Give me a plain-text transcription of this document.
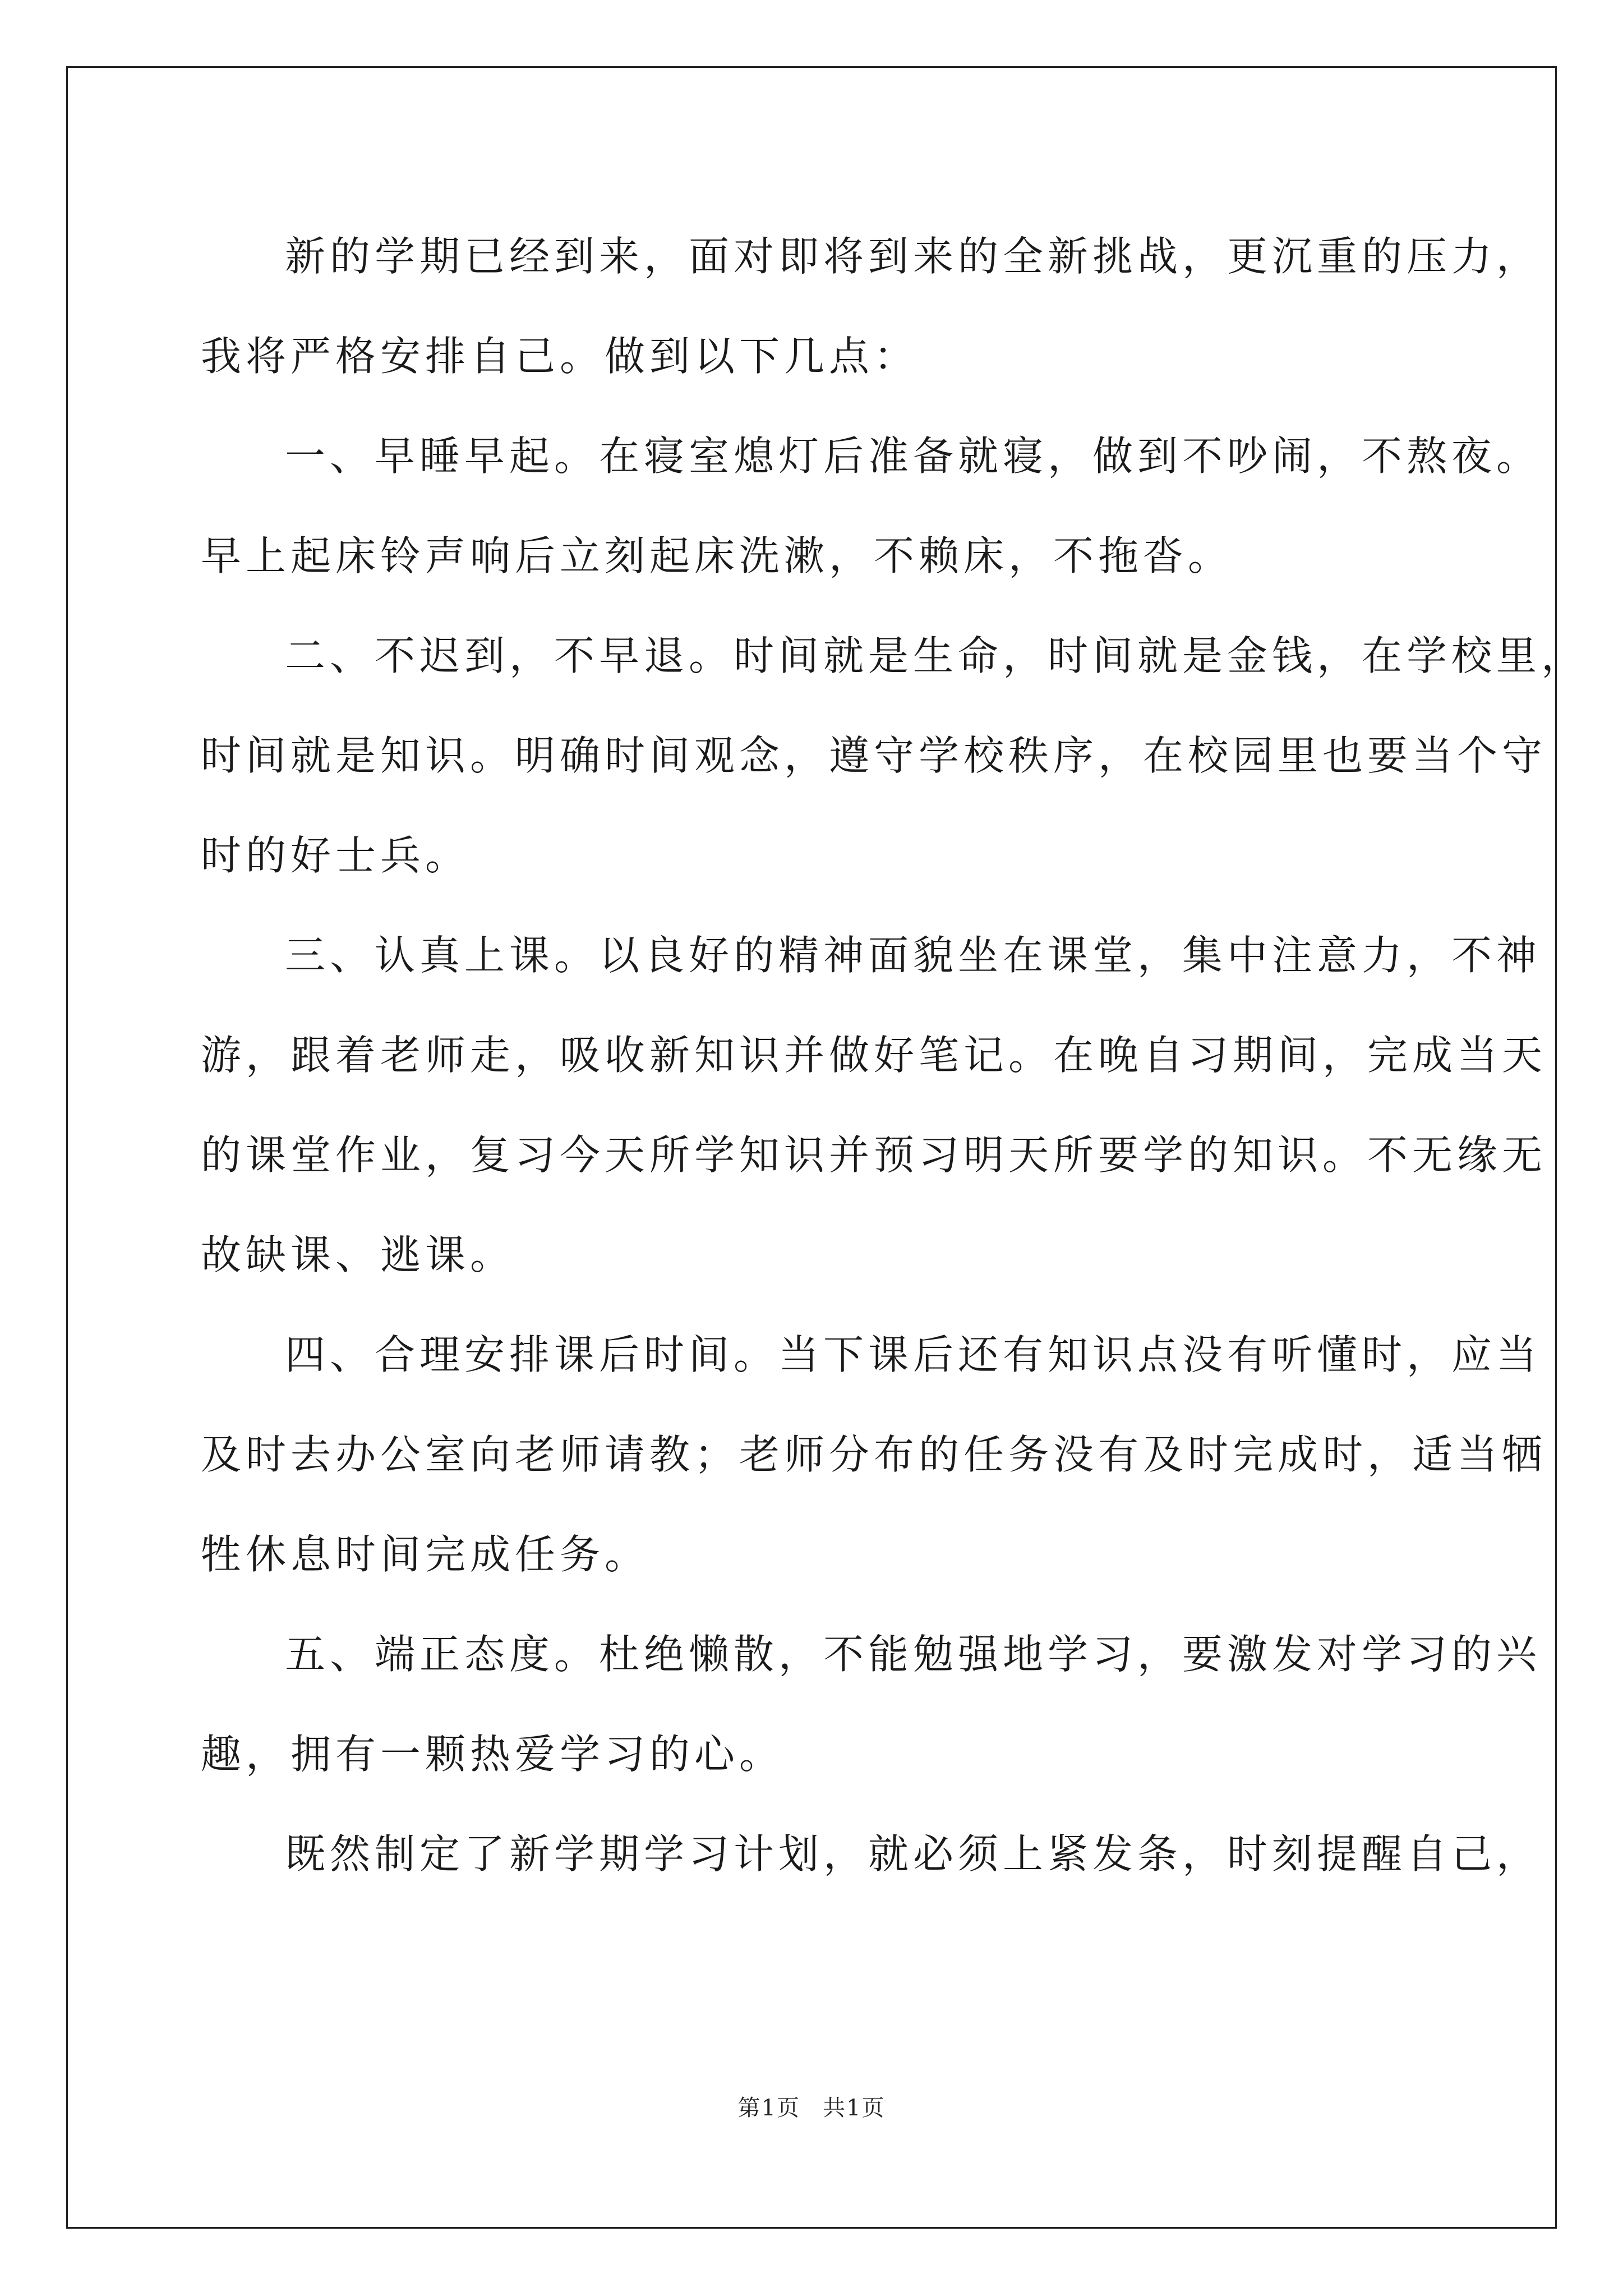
新的学期已经到来，面对即将到来的全新挑战，更沉重的压力，
我将严格安排自己。做到以下几点：

一、早睡早起。在寝室熄灯后准备就寝，做到不吵闹，不熬夜。
早上起床铃声响后立刻起床洗漱，不赖床，不拖沓。

二、不迟到，不早退。时间就是生命，时间就是金钱，在学校里，
时间就是知识。明确时间观念，遵守学校秩序，在校园里也要当个守
时的好士兵。

三、认真上课。以良好的精神面貌坐在课堂，集中注意力，不神
游，跟着老师走，吸收新知识并做好笔记。在晚自习期间，完成当天
的课堂作业，复习今天所学知识并预习明天所要学的知识。不无缘无
故缺课、逃课。

四、合理安排课后时间。当下课后还有知识点没有听懂时，应当
及时去办公室向老师请教；老师分布的任务没有及时完成时，适当牺
牲休息时间完成任务。

五、端正态度。杜绝懒散，不能勉强地学习，要激发对学习的兴
趣，拥有一颗热爱学习的心。

既然制定了新学期学习计划，就必须上紧发条，时刻提醒自己，

第1页 共1页
